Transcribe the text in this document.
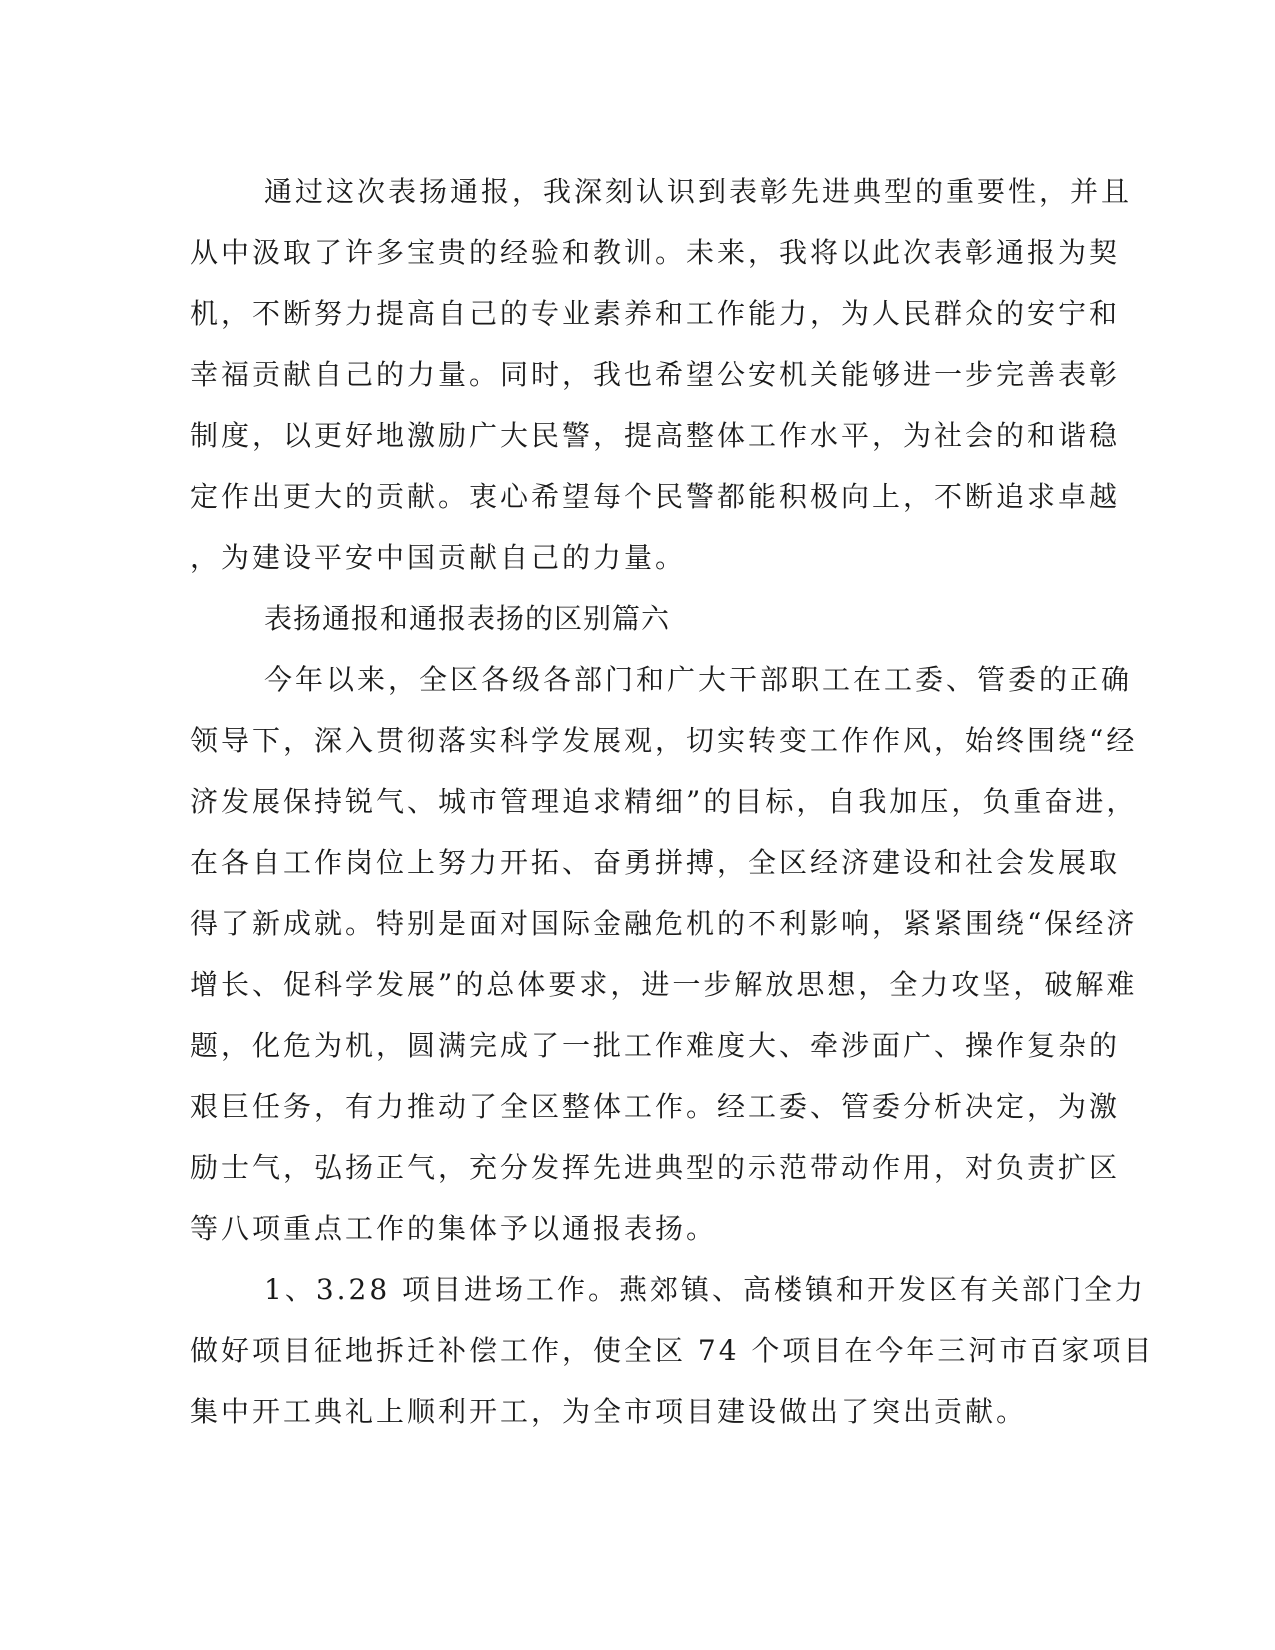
通过这次表扬通报，我深刻认识到表彰先进典型的重要性，并且
从中汲取了许多宝贵的经验和教训。未来，我将以此次表彰通报为契
机，不断努力提高自己的专业素养和工作能力，为人民群众的安宁和
幸福贡献自己的力量。同时，我也希望公安机关能够进一步完善表彰
制度，以更好地激励广大民警，提高整体工作水平，为社会的和谐稳
定作出更大的贡献。衷心希望每个民警都能积极向上，不断追求卓越
，为建设平安中国贡献自己的力量。
表扬通报和通报表扬的区别篇六
今年以来，全区各级各部门和广大干部职工在工委、管委的正确
领导下，深入贯彻落实科学发展观，切实转变工作作风，始终围绕“经
济发展保持锐气、城市管理追求精细”的目标，自我加压，负重奋进，
在各自工作岗位上努力开拓、奋勇拼搏，全区经济建设和社会发展取
得了新成就。特别是面对国际金融危机的不利影响，紧紧围绕“保经济
增长、促科学发展”的总体要求，进一步解放思想，全力攻坚，破解难
题，化危为机，圆满完成了一批工作难度大、牵涉面广、操作复杂的
艰巨任务，有力推动了全区整体工作。经工委、管委分析决定，为激
励士气，弘扬正气，充分发挥先进典型的示范带动作用，对负责扩区
等八项重点工作的集体予以通报表扬。
1、3.28 项目进场工作。燕郊镇、高楼镇和开发区有关部门全力
做好项目征地拆迁补偿工作，使全区 74 个项目在今年三河市百家项目
集中开工典礼上顺利开工，为全市项目建设做出了突出贡献。
